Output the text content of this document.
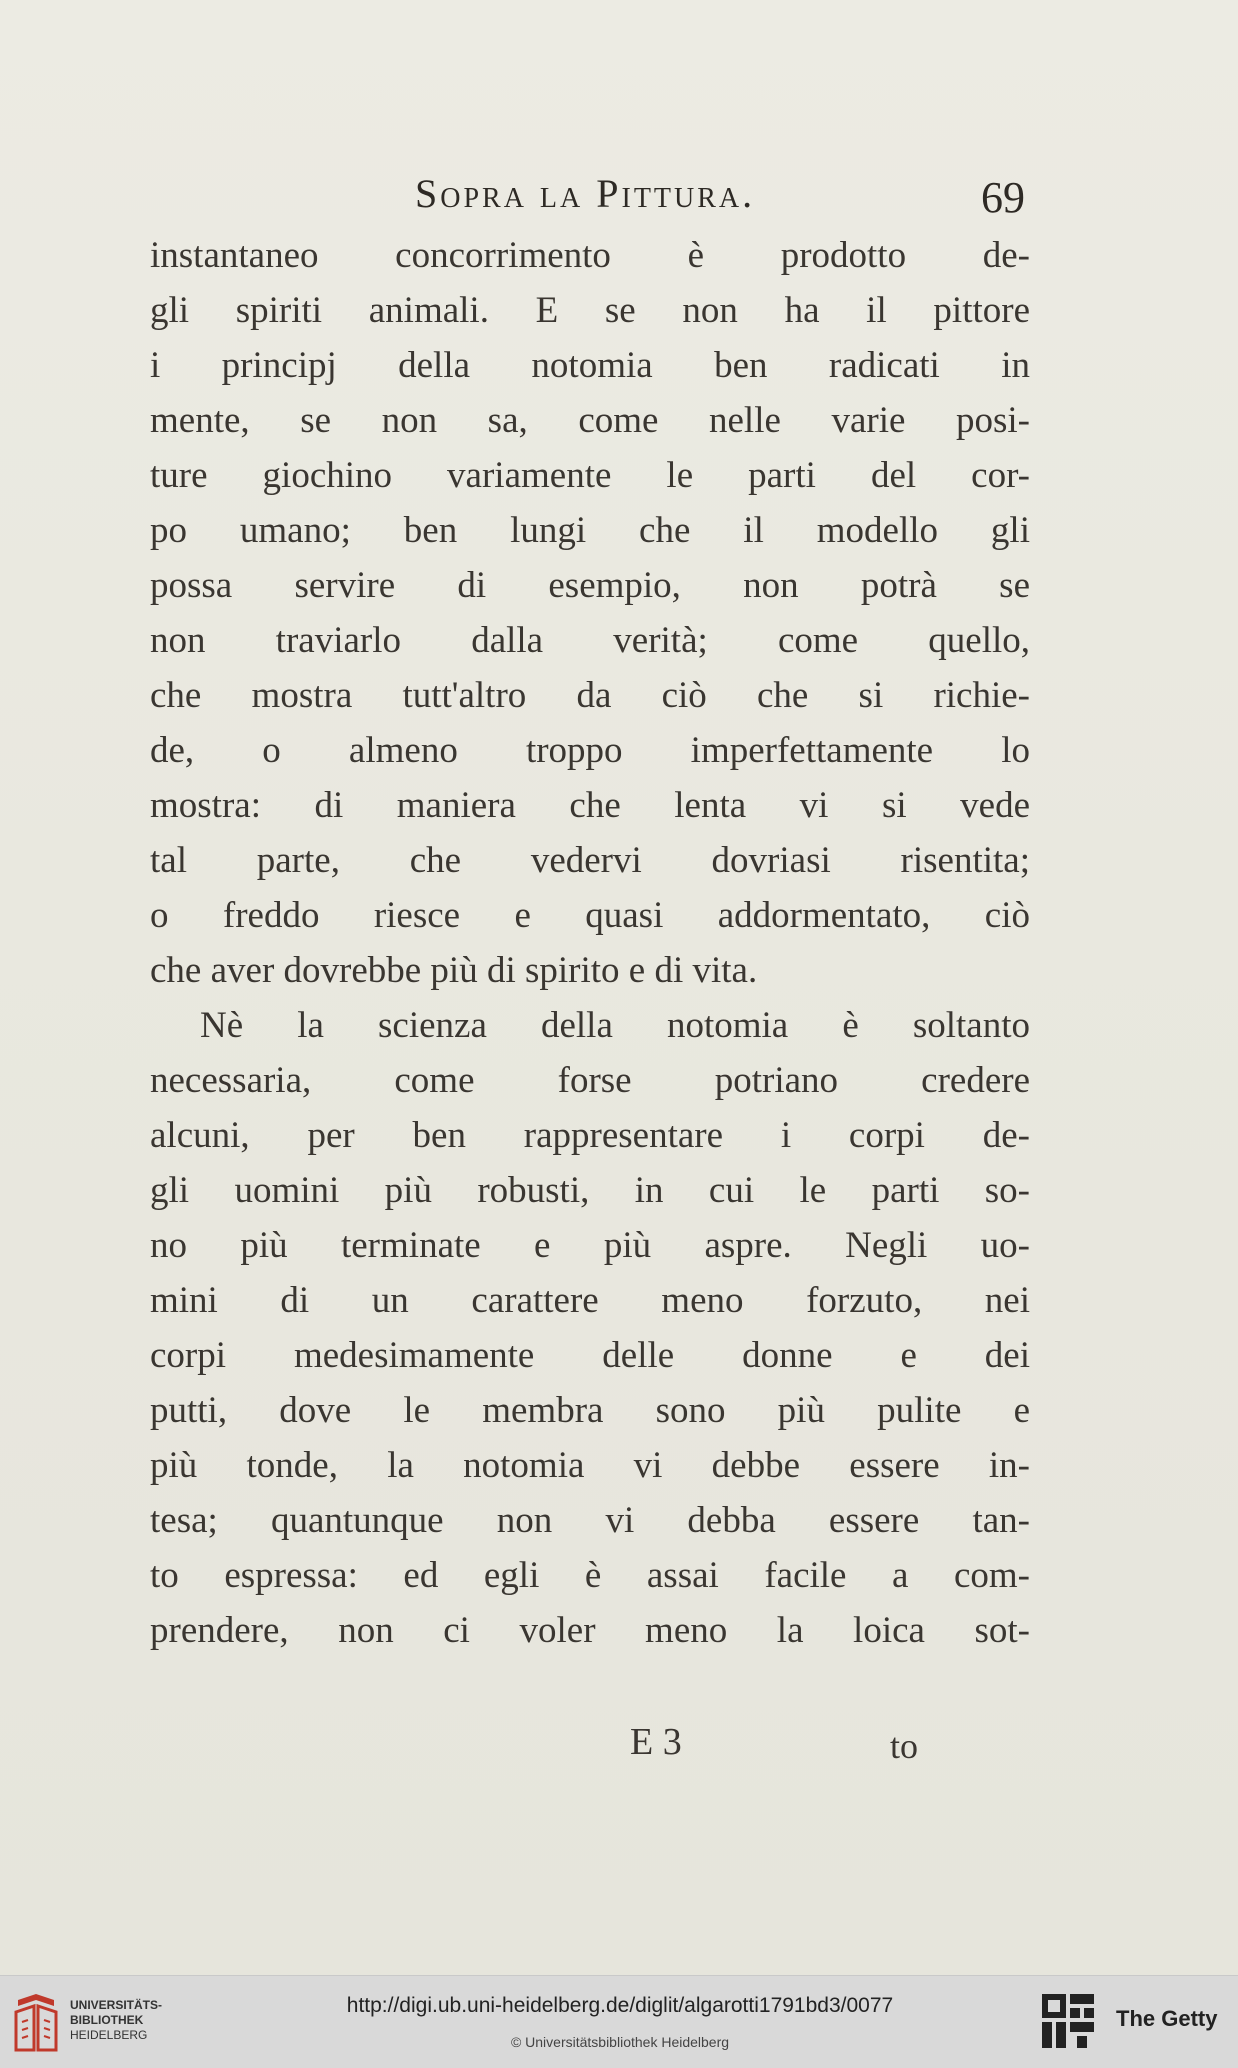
Sopra la Pittura.	69
instantaneo concorrimento è prodotto de-
gli spiriti animali. E se non ha il pittore
i principj della notomia ben radicati in
mente, se non sa, come nelle varie posi-
ture giochino variamente le parti del cor-
po umano; ben lungi che il modello gli
possa servire di esempio, non potrà se
non traviarlo dalla verità; come quello,
che mostra tutt'altro da ciò che si richie-
de, o almeno troppo imperfettamente lo
mostra: di maniera che lenta vi si vede
tal parte, che vedervi dovriasi risentita;
o freddo riesce e quasi addormentato, ciò
che aver dovrebbe più di spirito e di vita.
Nè la scienza della notomia è soltanto
necessaria, come forse potriano credere
alcuni, per ben rappresentare i corpi de-
gli uomini più robusti, in cui le parti so-
no più terminate e più aspre. Negli uo-
mini di un carattere meno forzuto, nei
corpi medesimamente delle donne e dei
putti, dove le membra sono più pulite e
più tonde, la notomia vi debbe essere in-
tesa; quantunque non vi debba essere tan-
to espressa: ed egli è assai facile a com-
prendere, non ci voler meno la loica sot-
E 3	to
UNIVERSITÄTS-
BIBLIOTHEK
HEIDELBERG
http://digi.ub.uni-heidelberg.de/diglit/algarotti1791bd3/0077
© Universitätsbibliothek Heidelberg
The Getty
